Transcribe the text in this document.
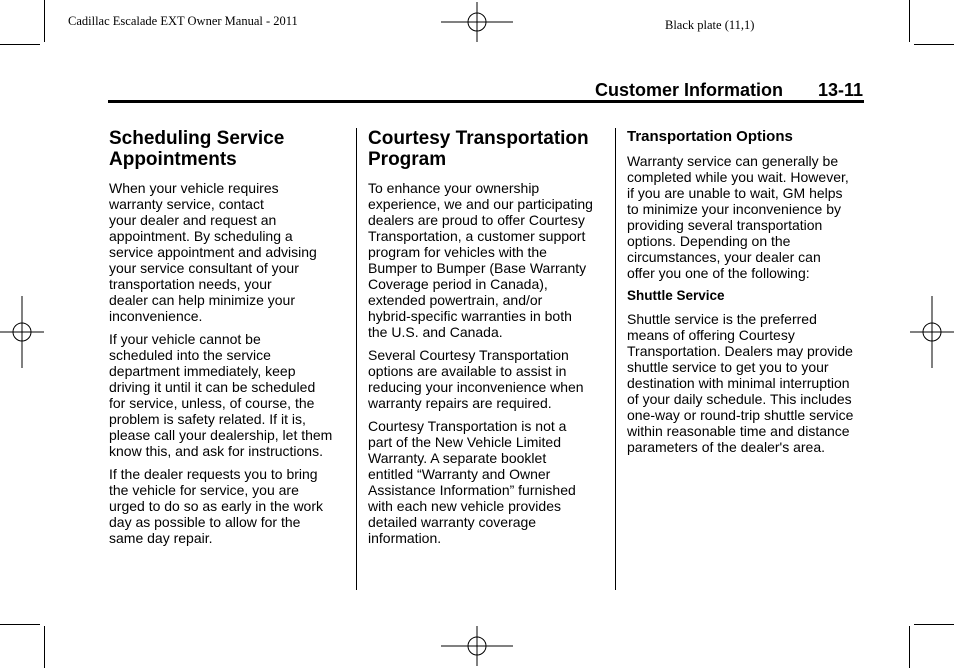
Cadillac Escalade EXT Owner Manual - 2011	Black plate (11,1)
Customer Information 13-11
Scheduling Service
Appointments

When your vehicle requires
warranty service, contact
your dealer and request an
appointment. By scheduling a
service appointment and advising
your service consultant of your
transportation needs, your
dealer can help minimize your
inconvenience.

If your vehicle cannot be
scheduled into the service
department immediately, keep
driving it until it can be scheduled
for service, unless, of course, the
problem is safety related. If it is,
please call your dealership, let them
know this, and ask for instructions.

If the dealer requests you to bring
the vehicle for service, you are
urged to do so as early in the work
day as possible to allow for the
same day repair.

Courtesy Transportation
Program

To enhance your ownership
experience, we and our participating
dealers are proud to offer Courtesy
Transportation, a customer support
program for vehicles with the
Bumper to Bumper (Base Warranty
Coverage period in Canada),
extended powertrain, and/or
hybrid-specific warranties in both
the U.S. and Canada.

Several Courtesy Transportation
options are available to assist in
reducing your inconvenience when
warranty repairs are required.

Courtesy Transportation is not a
part of the New Vehicle Limited
Warranty. A separate booklet
entitled “Warranty and Owner
Assistance Information” furnished
with each new vehicle provides
detailed warranty coverage
information.

Transportation Options

Warranty service can generally be
completed while you wait. However,
if you are unable to wait, GM helps
to minimize your inconvenience by
providing several transportation
options. Depending on the
circumstances, your dealer can
offer you one of the following:

Shuttle Service

Shuttle service is the preferred
means of offering Courtesy
Transportation. Dealers may provide
shuttle service to get you to your
destination with minimal interruption
of your daily schedule. This includes
one-way or round-trip shuttle service
within reasonable time and distance
parameters of the dealer's area.
